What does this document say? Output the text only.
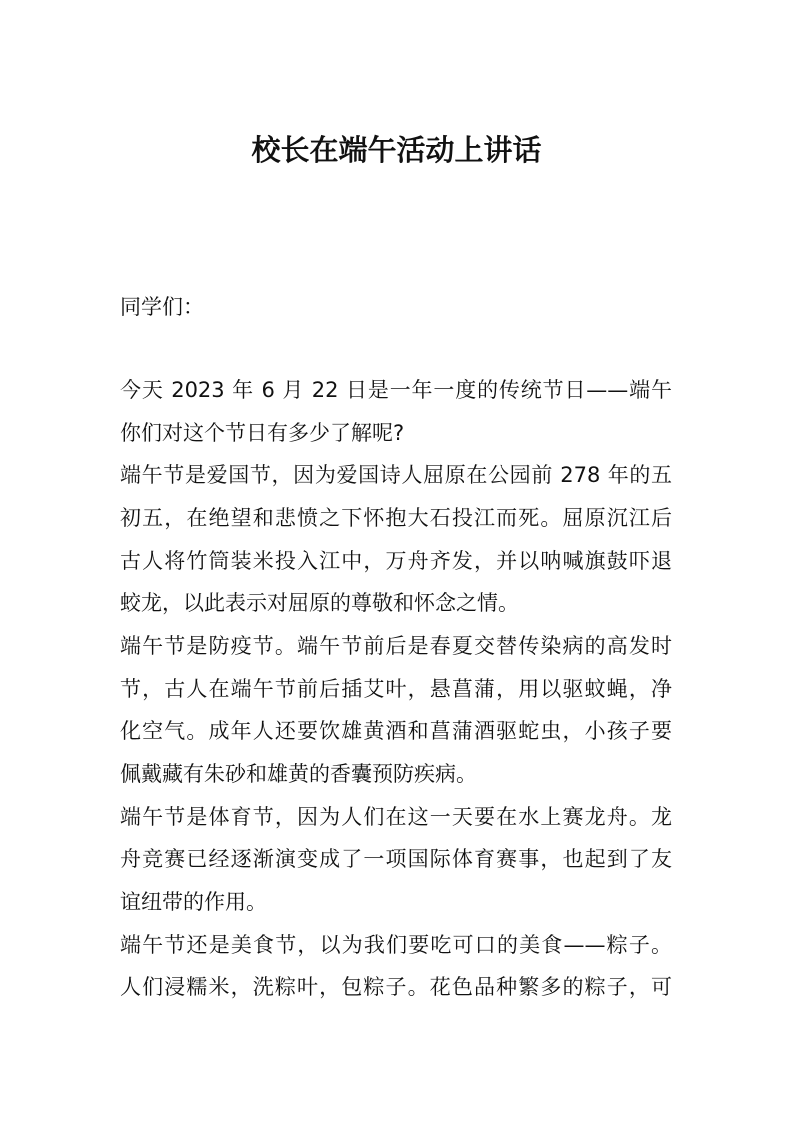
校长在端午活动上讲话
同学们：
今天 2023 年 6 月 22 日是一年一度的传统节日——端午
你们对这个节日有多少了解呢?
端午节是爱国节，因为爱国诗人屈原在公园前 278 年的五
初五，在绝望和悲愤之下怀抱大石投江而死。屈原沉江后
古人将竹筒装米投入江中，万舟齐发，并以呐喊旗鼓吓退
蛟龙，以此表示对屈原的尊敬和怀念之情。
端午节是防疫节。端午节前后是春夏交替传染病的高发时
节，古人在端午节前后插艾叶，悬菖蒲，用以驱蚊蝇，净
化空气。成年人还要饮雄黄酒和菖蒲酒驱蛇虫，小孩子要
佩戴藏有朱砂和雄黄的香囊预防疾病。
端午节是体育节，因为人们在这一天要在水上赛龙舟。龙
舟竞赛已经逐渐演变成了一项国际体育赛事，也起到了友
谊纽带的作用。
端午节还是美食节，以为我们要吃可口的美食——粽子。
人们浸糯米，洗粽叶，包粽子。花色品种繁多的粽子，可
